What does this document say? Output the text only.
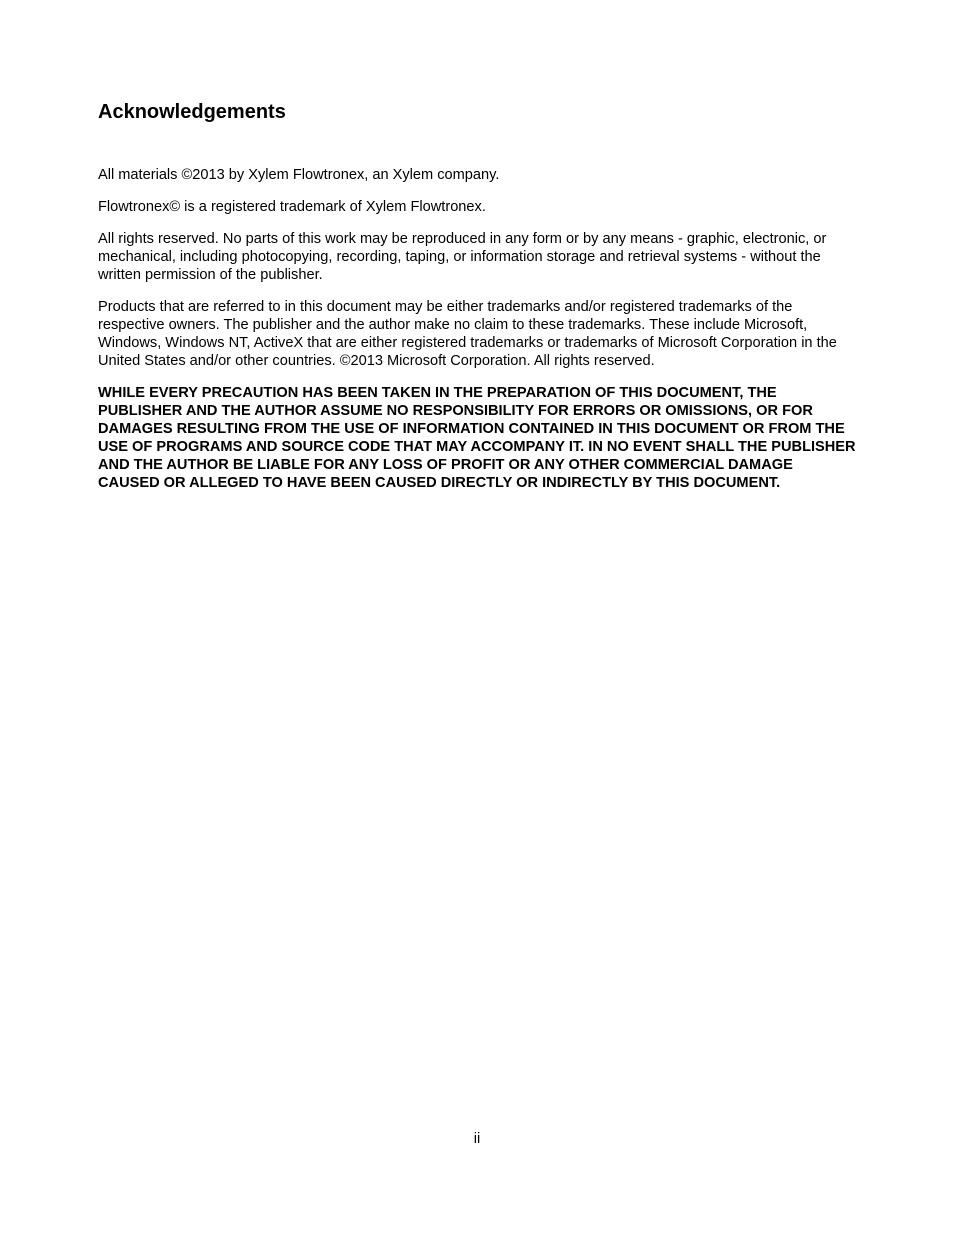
Acknowledgements

All materials ©2013 by Xylem Flowtronex, an Xylem company.

Flowtronex© is a registered trademark of Xylem Flowtronex.

All rights reserved. No parts of this work may be reproduced in any form or by any means - graphic, electronic, or mechanical, including photocopying, recording, taping, or information storage and retrieval systems - without the written permission of the publisher.

Products that are referred to in this document may be either trademarks and/or registered trademarks of the respective owners. The publisher and the author make no claim to these trademarks. These include Microsoft, Windows, Windows NT, ActiveX that are either registered trademarks or trademarks of Microsoft Corporation in the United States and/or other countries. ©2013 Microsoft Corporation. All rights reserved.

WHILE EVERY PRECAUTION HAS BEEN TAKEN IN THE PREPARATION OF THIS DOCUMENT, THE PUBLISHER AND THE AUTHOR ASSUME NO RESPONSIBILITY FOR ERRORS OR OMISSIONS, OR FOR DAMAGES RESULTING FROM THE USE OF INFORMATION CONTAINED IN THIS DOCUMENT OR FROM THE USE OF PROGRAMS AND SOURCE CODE THAT MAY ACCOMPANY IT. IN NO EVENT SHALL THE PUBLISHER AND THE AUTHOR BE LIABLE FOR ANY LOSS OF PROFIT OR ANY OTHER COMMERCIAL DAMAGE CAUSED OR ALLEGED TO HAVE BEEN CAUSED DIRECTLY OR INDIRECTLY BY THIS DOCUMENT.

ii
